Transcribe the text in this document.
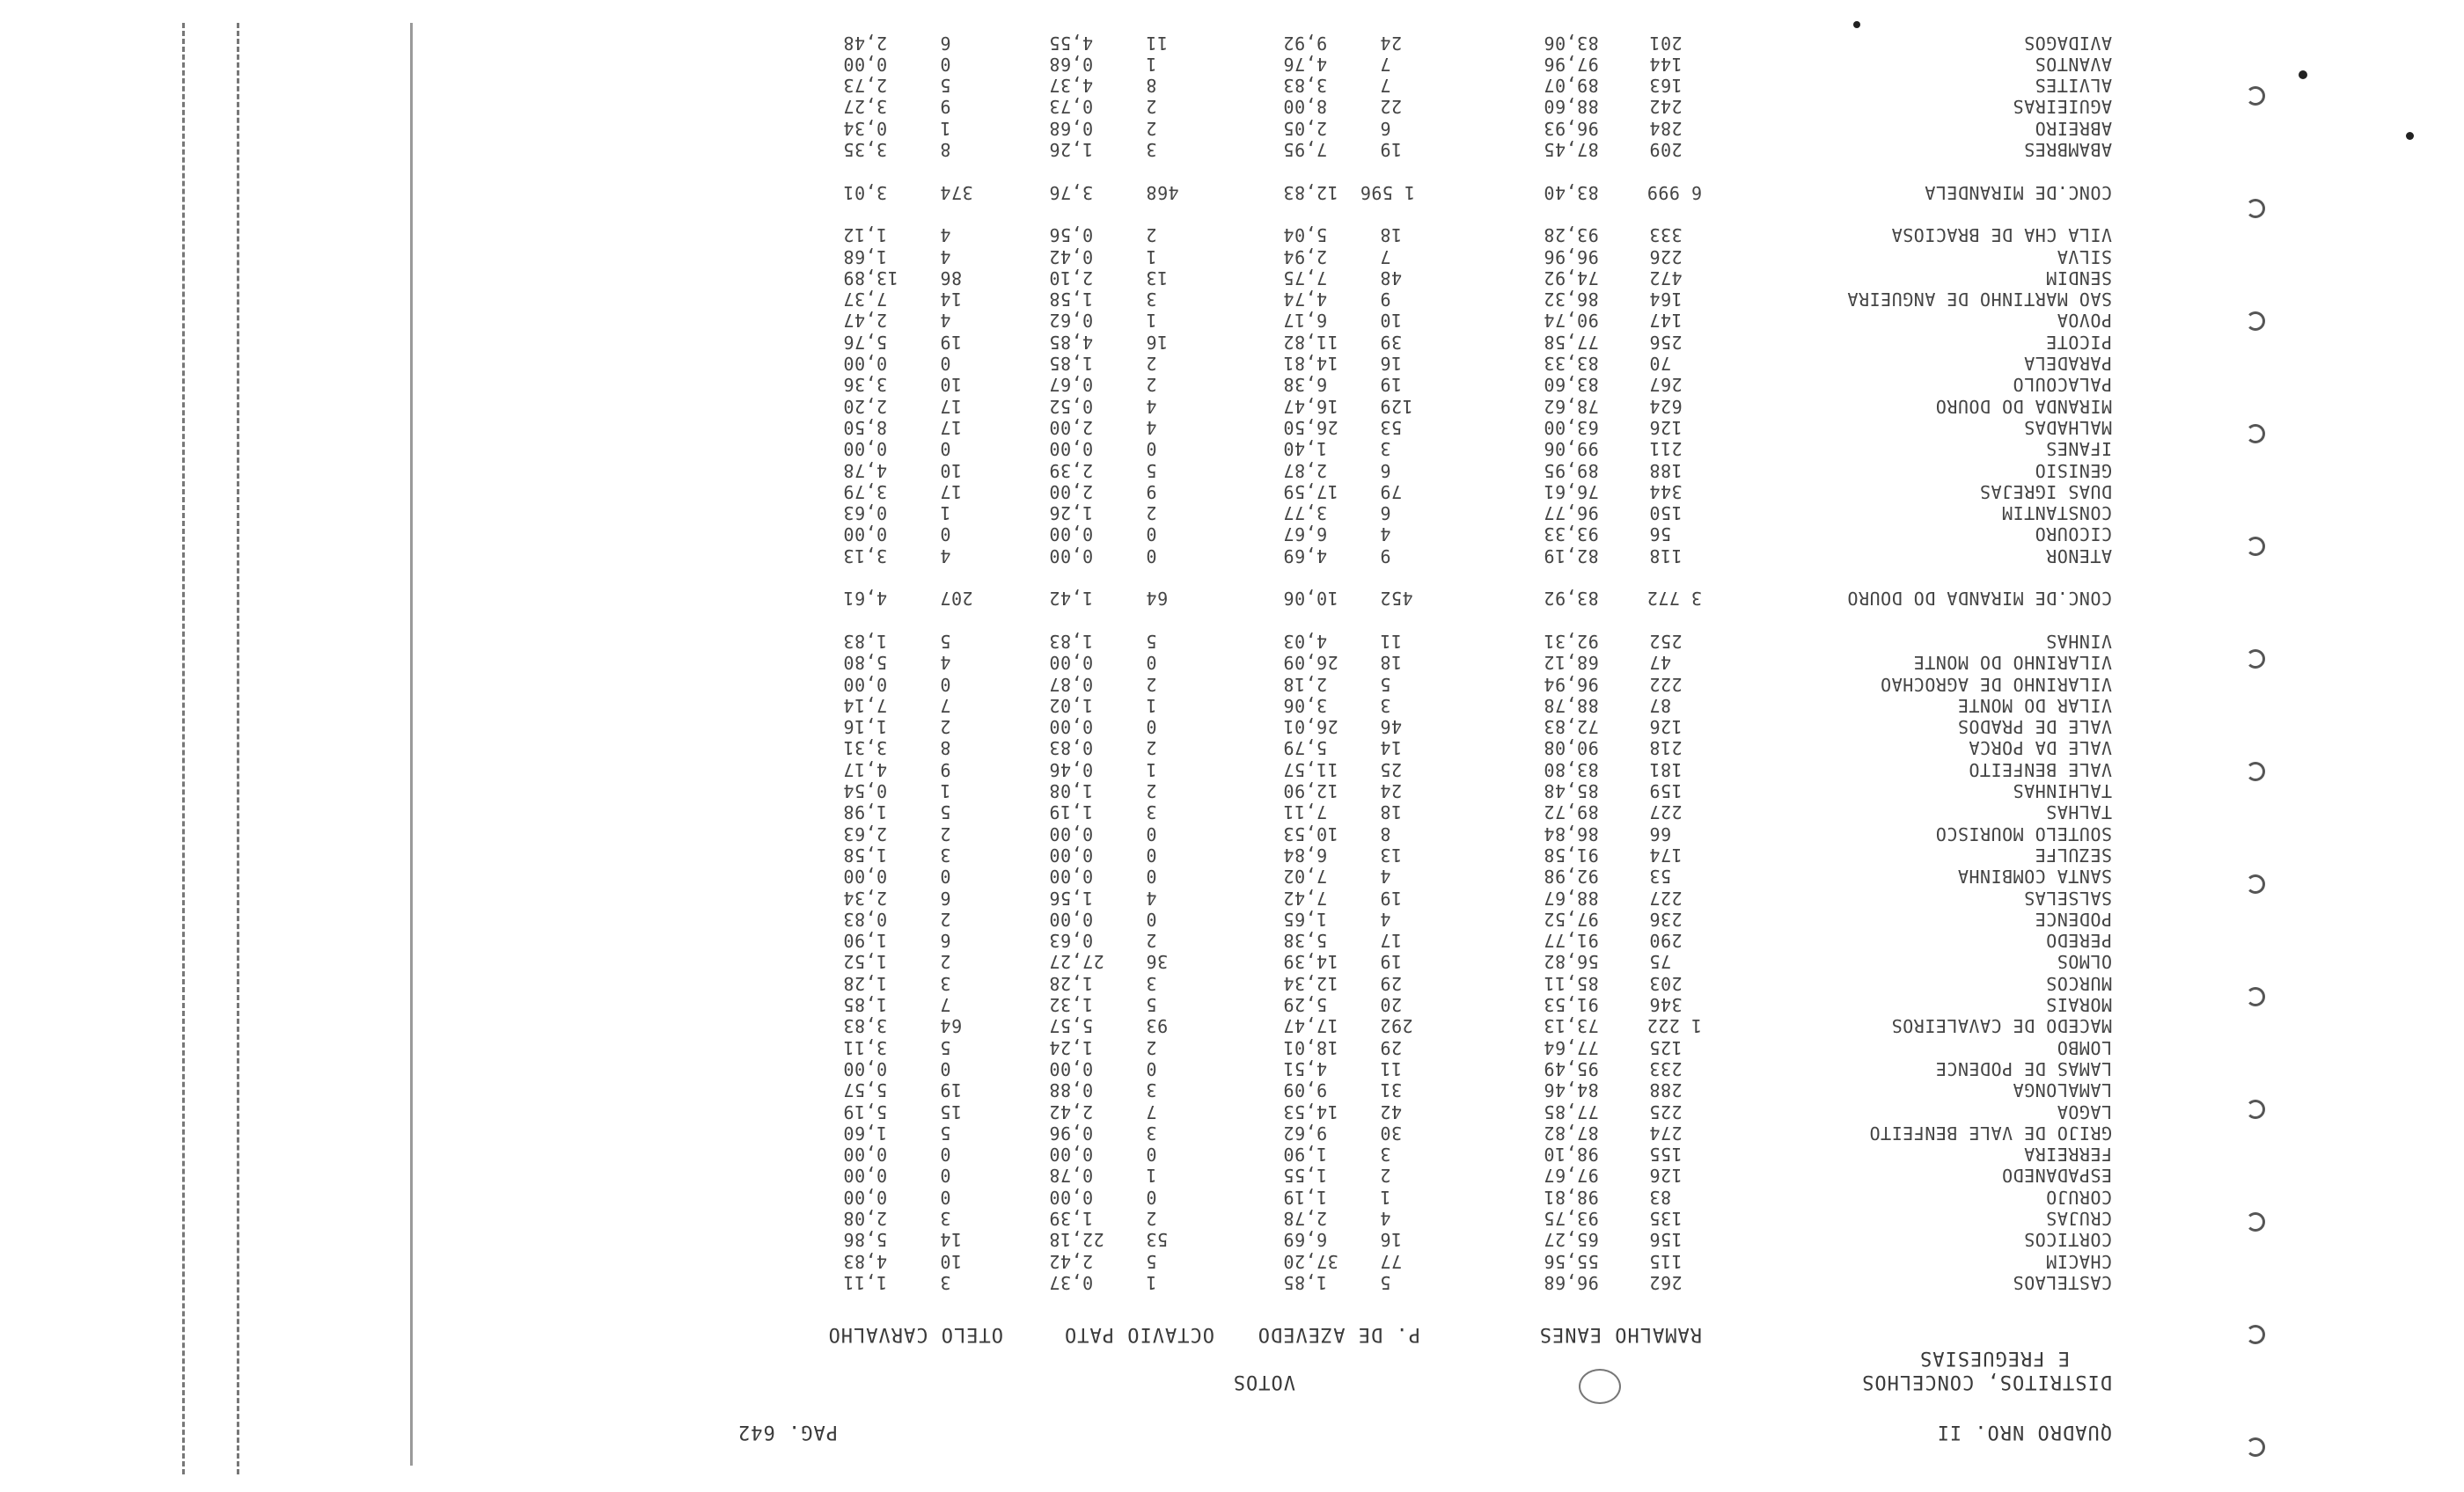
PAG. 642	QUADRO NRO. II
VOTOS	DISTRITOS, CONCELHOS
E FREGUESIAS
RAMALHO EANES
P. DE AZEVEDO
OCTAVIO PATO
OTELO CARVALHO
CASTELAOS
262
96,68
5
1,85
1
0,37
3
1,11
CHACIM
115
55,56
77
37,20
5
2,42
10
4,83
CORTICOS
156
65,27
16
6,69
53
22,18
14
5,86
CRUJAS
135
93,75
4
2,78
2
1,39
3
2,08
CORUJO
83
98,81
1
1,19
0
0,00
0
0,00
ESPADANEDO
126
97,67
2
1,55
1
0,78
0
0,00
FERREIRA
155
98,10
3
1,90
0
0,00
0
0,00
GRIJO DE VALE BENFEITO
274
87,82
30
9,62
3
0,96
5
1,60
LAGOA
225
77,85
42
14,53
7
2,42
15
5,19
LAMALONGA
288
84,46
31
9,09
3
0,88
19
5,57
LAMAS DE PODENCE
233
95,49
11
4,51
0
0,00
0
0,00
LOMBO
125
77,64
29
18,01
2
1,24
5
3,11
MACEDO DE CAVALEIROS
1 222
73,13
292
17,47
93
5,57
64
3,83
MORAIS
346
91,53
20
5,29
5
1,32
7
1,85
MURCOS
203
85,11
29
12,34
3
1,28
3
1,28
OLMOS
75
56,82
19
14,39
36
27,27
2
1,52
PEREDO
290
91,77
17
5,38
2
0,63
6
1,90
PODENCE
236
97,52
4
1,65
0
0,00
2
0,83
SALSELAS
227
88,67
19
7,42
4
1,56
6
2,34
SANTA COMBINHA
53
92,98
4
7,02
0
0,00
0
0,00
SEZULFE
174
91,58
13
6,84
0
0,00
3
1,58
SOUTELO MOURISCO
66
86,84
8
10,53
0
0,00
2
2,63
TALHAS
227
89,72
18
7,11
3
1,19
5
1,98
TALHINHAS
159
85,48
24
12,90
2
1,08
1
0,54
VALE BENFEITO
181
83,80
25
11,57
1
0,46
9
4,17
VALE DA PORCA
218
90,08
14
5,79
2
0,83
8
3,31
VALE DE PRADOS
126
72,83
46
26,01
0
0,00
2
1,16
VILAR DO MONTE
87
88,78
3
3,06
1
1,02
7
7,14
VILARINHO DE AGROCHAO
222
96,94
5
2,18
2
0,87
0
0,00
VILARINHO DO MONTE
47
68,12
18
26,09
0
0,00
4
5,80
VINHAS
252
92,31
11
4,03
5
1,83
5
1,83
CONC.DE MIRANDA DO DOURO
3 772
83,92
452
10,06
64
1,42
207
4,61
ATENOR
118
82,19
9
4,69
0
0,00
4
3,13
CICOURO
56
93,33
4
6,67
0
0,00
0
0,00
CONSTANTIM
150
96,77
6
3,77
2
1,26
1
0,63
DUAS IGREJAS
344
76,61
79
17,59
9
2,00
17
3,79
GENISIO
188
89,95
6
2,87
5
2,39
10
4,78
IFANES
211
99,06
3
1,40
0
0,00
0
0,00
MALHADAS
126
63,00
53
26,50
4
2,00
17
8,50
MIRANDA DO DOURO
624
78,62
129
16,47
4
0,52
17
2,20
PALACOULO
267
83,60
19
6,38
2
0,67
10
3,36
PARADELA
70
83,33
16
14,81
2
1,85
0
0,00
PICOTE
256
77,58
39
11,82
16
4,85
19
5,76
POVOA
147
90,74
10
6,17
1
0,62
4
2,47
SAO MARTINHO DE ANGUEIRA
164
86,32
9
4,74
3
1,58
14
7,37
SENDIM
472
74,92
48
7,75
13
2,10
86
13,89
SILVA
226
96,96
7
2,94
1
0,42
4
1,68
VILA CHA DE BRACIOSA
333
93,28
18
5,04
2
0,56
4
1,12
CONC.DE MIRANDELA
6 999
83,40
1 596
12,83
468
3,76
374
3,01
ABAMBRES
209
87,45
19
7,95
3
1,26
8
3,35
ABREIRO
284
96,93
6
2,05
2
0,68
1
0,34
AGUIEIRAS
242
88,60
22
8,00
2
0,73
9
3,27
ALVITES
163
89,07
7
3,83
8
4,37
5
2,73
AVANTOS
144
97,96
7
4,76
1
0,68
0
0,00
AVIDAGOS
201
83,06
24
9,92
11
4,55
6
2,48
